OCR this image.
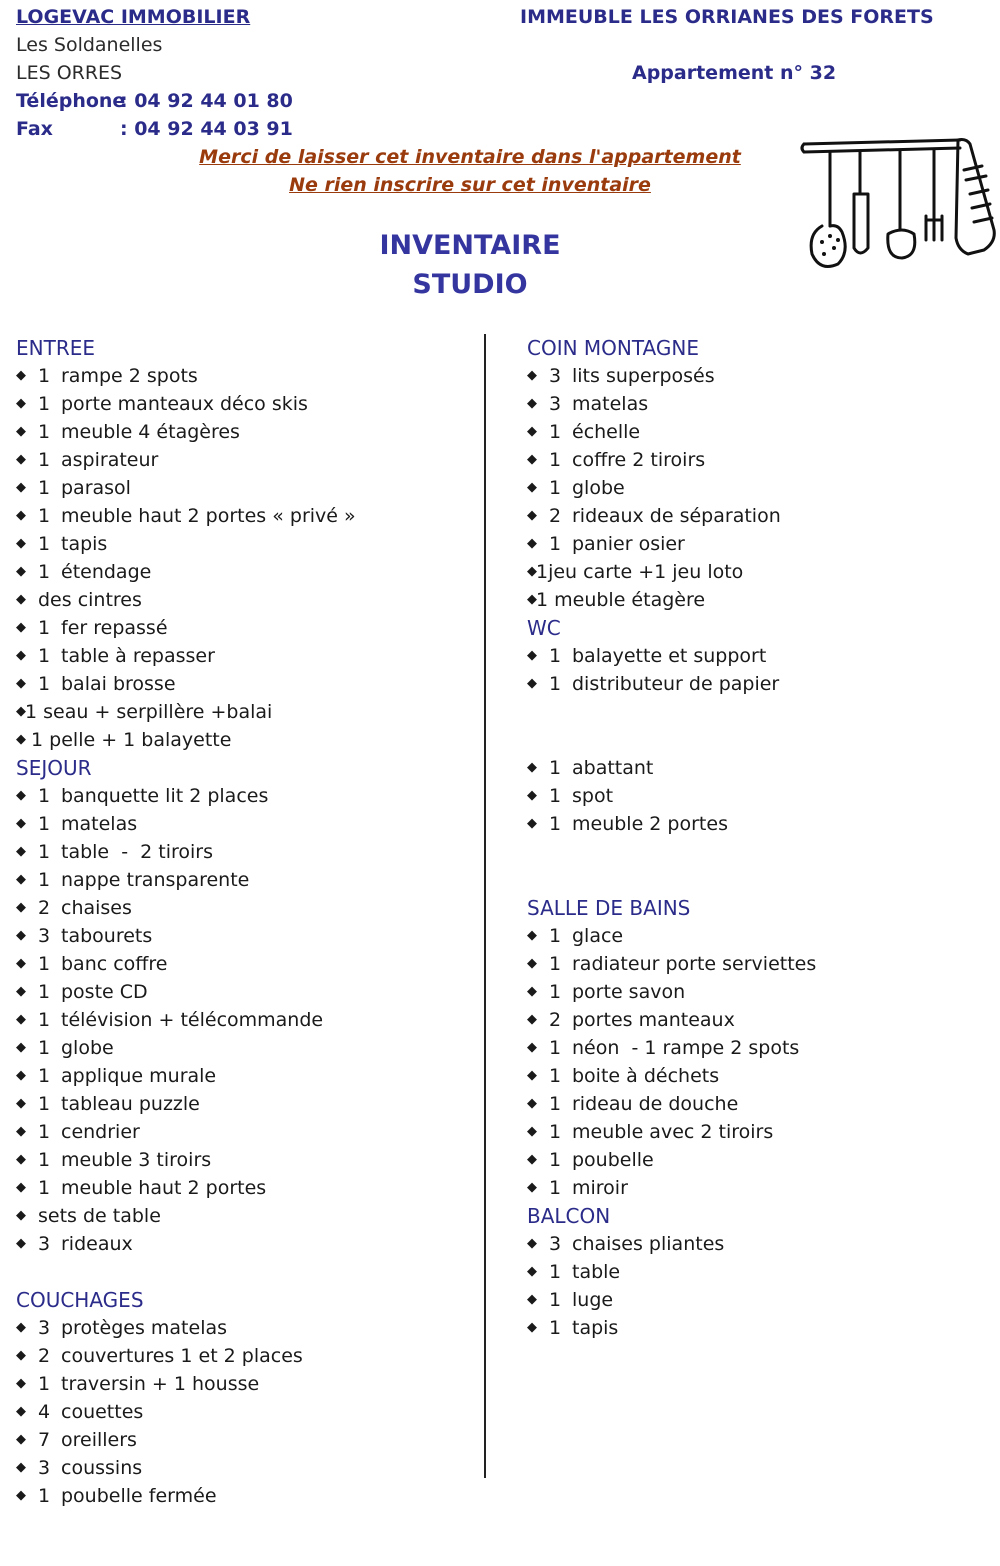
LOGEVAC IMMOBILIER
Les Soldanelles
LES ORRES
Téléphone
: 04 92 44 01 80
Fax	: 04 92 44 03 91
IMMEUBLE LES ORRIANES DES FORETS
Appartement n° 32
Merci de laisser cet inventaire dans l'appartement
Ne rien inscrire sur cet inventaire
INVENTAIRE
STUDIO
ENTREE
◆ 1 rampe 2 spots
◆ 1 porte manteaux déco skis
◆ 1 meuble 4 étagères
◆ 1 aspirateur
◆ 1 parasol
◆ 1 meuble haut 2 portes « privé »
◆ 1 tapis
◆ 1 étendage
◆ des cintres
◆ 1 fer repassé
◆ 1 table à repasser
◆ 1 balai brosse
◆1 seau + serpillère +balai
◆ 1 pelle + 1 balayette
SEJOUR
◆ 1 banquette lit 2 places
◆ 1 matelas
◆ 1 table  -  2 tiroirs
◆ 1 nappe transparente
◆ 2 chaises
◆ 3 tabourets
◆ 1 banc coffre
◆ 1 poste CD
◆ 1 télévision + télécommande
◆ 1 globe
◆ 1 applique murale
◆ 1 tableau puzzle
◆ 1 cendrier
◆ 1 meuble 3 tiroirs
◆ 1 meuble haut 2 portes
◆ sets de table
◆ 3 rideaux
COUCHAGES
◆ 3 protèges matelas
◆ 2 couvertures 1 et 2 places
◆ 1 traversin + 1 housse
◆ 4 couettes
◆ 7 oreillers
◆ 3 coussins
◆ 1 poubelle fermée
COIN MONTAGNE
◆ 3 lits superposés
◆ 3 matelas
◆ 1 échelle
◆ 1 coffre 2 tiroirs
◆ 1 globe
◆ 2 rideaux de séparation
◆ 1 panier osier
◆1jeu carte +1 jeu loto
◆1 meuble étagère
WC
◆ 1 balayette et support
◆ 1 distributeur de papier
◆ 1 abattant
◆ 1 spot
◆ 1 meuble 2 portes
SALLE DE BAINS
◆ 1 glace
◆ 1 radiateur porte serviettes
◆ 1 porte savon
◆ 2 portes manteaux
◆ 1 néon  - 1 rampe 2 spots
◆ 1 boite à déchets
◆ 1 rideau de douche
◆ 1 meuble avec 2 tiroirs
◆ 1 poubelle
◆ 1 miroir
BALCON
◆ 3 chaises pliantes
◆ 1 table
◆ 1 luge
◆ 1 tapis
